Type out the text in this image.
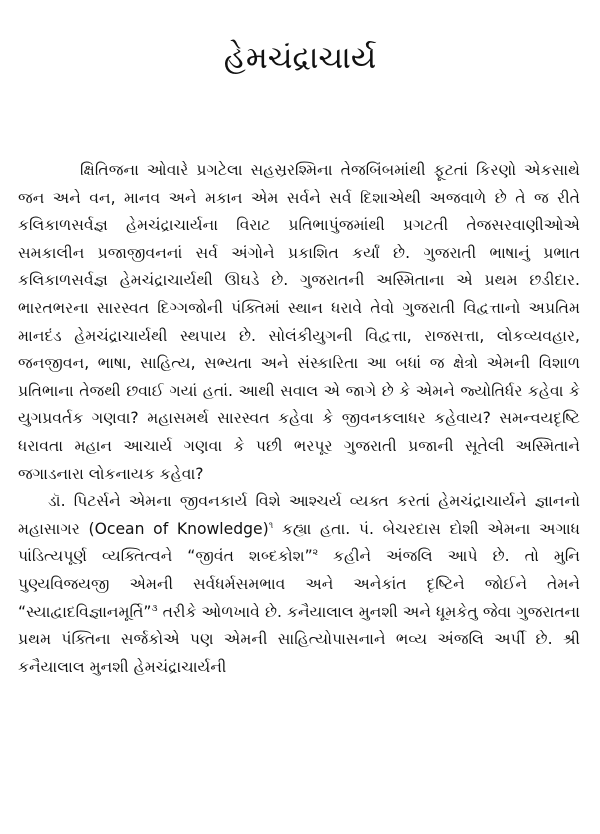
હેમચંદ્રાચાર્ય

ક્ષિતિજના ઓવારે પ્રગટેલા સહસ્રરશ્મિના તેજબિંબમાંથી ફૂટતાં કિરણો એકસાથે જન અને વન, માનવ અને મકાન એમ સર્વને સર્વ દિશાએથી અજવાળે છે તે જ રીતે કલિકાળસર્વજ્ઞ હેમચંદ્રાચાર્યના વિરાટ પ્રતિભાપુંજમાંથી પ્રગટતી તેજસરવાણીઓએ સમકાલીન પ્રજાજીવનનાં સર્વ અંગોને પ્રકાશિત કર્યાં છે. ગુજરાતી ભાષાનું પ્રભાત કલિકાળસર્વજ્ઞ હેમચંદ્રાચાર્યથી ઊઘડે છે. ગુજરાતની અસ્મિતાના એ પ્રથમ છડીદાર. ભારતભરના સારસ્વત દિગ્ગજોની પંક્તિમાં સ્થાન ધરાવે તેવો ગુજરાતી વિદ્વત્તાનો અપ્રતિમ માનદંડ હેમચંદ્રાચાર્યથી સ્થપાય છે. સોલંકીયુગની વિદ્વત્તા, રાજસત્તા, લોકવ્યવહાર, જનજીવન, ભાષા, સાહિત્ય, સભ્યતા અને સંસ્કારિતા આ બધાં જ ક્ષેત્રો એમની વિશાળ પ્રતિભાના તેજથી છવાઈ ગયાં હતાં. આથી સવાલ એ જાગે છે કે એમને જ્યોતિર્ધર કહેવા કે યુગપ્રવર્તક ગણવા? મહાસમર્થ સારસ્વત કહેવા કે જીવનકલાધર કહેવાય? સમન્વયદૃષ્ટિ ધરાવતા મહાન આચાર્ય ગણવા કે પછી ભરપૂર ગુજરાતી પ્રજાની સૂતેલી અસ્મિતાને જગાડનારા લોકનાયક કહેવા?

ડૉ. પિટર્સને એમના જીવનકાર્ય વિશે આશ્ચર્ય વ્યક્ત કરતાં હેમચંદ્રાચાર્યને જ્ઞાનનો મહાસાગર (Ocean of Knowledge)$^૧$ કહ્યા હતા. પં. બેચરદાસ દોશી એમના અગાધ પાંડિત્યપૂર્ણ વ્યક્તિત્વને “જીવંત શબ્દકોશ”$^૨$ કહીને અંજલિ આપે છે. તો મુનિ પુણ્યવિજયજી એમની સર્વધર્મસમભાવ અને અનેકાંત દૃષ્ટિને જોઈને તેમને “સ્યાદ્વાદવિજ્ઞાનમૂર્તિ”$^૩$ તરીકે ઓળખાવે છે. કનૈયાલાલ મુનશી અને ધૂમકેતુ જેવા ગુજરાતના પ્રથમ પંક્તિના સર્જકોએ પણ એમની સાહિત્યોપાસનાને ભવ્ય અંજલિ અર્પી છે. શ્રી કનૈયાલાલ મુનશી હેમચંદ્રાચાર્યની
